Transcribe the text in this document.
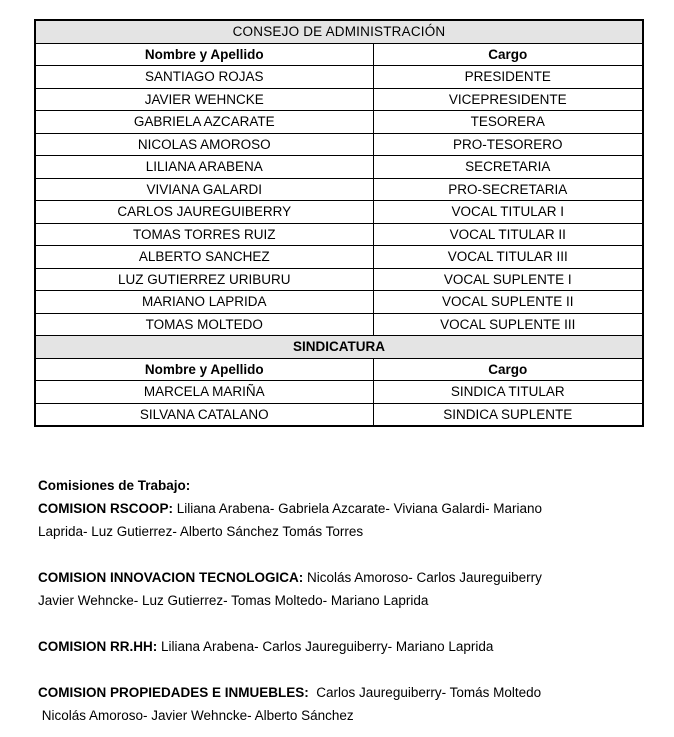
CONSEJO DE ADMINISTRACIÓN	
Nombre y Apellido	Cargo
SANTIAGO ROJAS	PRESIDENTE
JAVIER WEHNCKE	VICEPRESIDENTE
GABRIELA AZCARATE	TESORERA
NICOLAS AMOROSO	PRO-TESORERO
LILIANA ARABENA	SECRETARIA
VIVIANA GALARDI	PRO-SECRETARIA
CARLOS JAUREGUIBERRY	VOCAL TITULAR I
TOMAS TORRES RUIZ	VOCAL TITULAR II
ALBERTO SANCHEZ	VOCAL TITULAR III
LUZ GUTIERREZ URIBURU	VOCAL SUPLENTE I
MARIANO LAPRIDA	VOCAL SUPLENTE II
TOMAS MOLTEDO	VOCAL SUPLENTE III
SINDICATURA	
Nombre y Apellido	Cargo
MARCELA MARIÑA	SINDICA TITULAR
SILVANA CATALANO	SINDICA SUPLENTE

Comisiones de Trabajo:

COMISION RSCOOP: Liliana Arabena- Gabriela Azcarate- Viviana Galardi- Mariano

Laprida- Luz Gutierrez- Alberto Sánchez Tomás Torres

COMISION INNOVACION TECNOLOGICA: Nicolás Amoroso- Carlos Jaureguiberry

Javier Wehncke- Luz Gutierrez- Tomas Moltedo- Mariano Laprida

COMISION RR.HH: Liliana Arabena- Carlos Jaureguiberry- Mariano Laprida

COMISION PROPIEDADES E INMUEBLES:  Carlos Jaureguiberry- Tomás Moltedo

Nicolás Amoroso- Javier Wehncke- Alberto Sánchez
